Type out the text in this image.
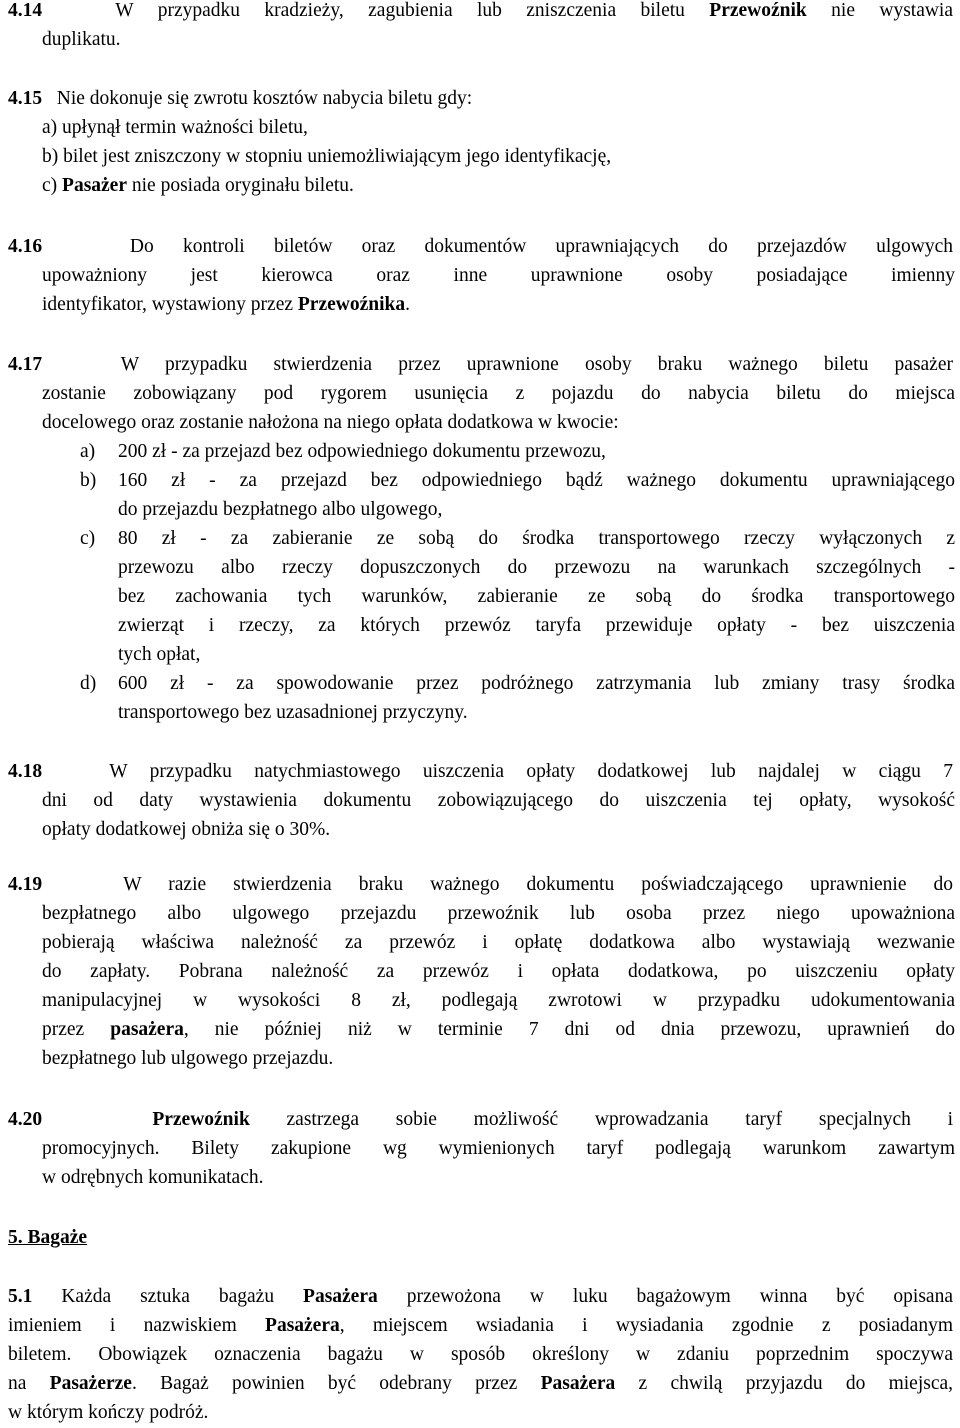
4.14	W przypadku kradzieży, zagubienia lub zniszczenia biletu Przewoźnik nie wystawia

duplikatu.

4.15 Nie dokonuje się zwrotu kosztów nabycia biletu gdy:

a) upłynął termin ważności biletu,

b) bilet jest zniszczony w stopniu uniemożliwiającym jego identyfikację,

c) Pasażer nie posiada oryginału biletu.

4.16	Do kontroli biletów oraz dokumentów uprawniających do przejazdów ulgowych

upoważniony jest kierowca oraz inne uprawnione osoby posiadające imienny

identyfikator, wystawiony przez Przewoźnika.

4.17	W przypadku stwierdzenia przez uprawnione osoby braku ważnego biletu pasażer

zostanie zobowiązany pod rygorem usunięcia z pojazdu do nabycia biletu do miejsca

docelowego oraz zostanie nałożona na niego opłata dodatkowa w kwocie:

a) 200 zł - za przejazd bez odpowiedniego dokumentu przewozu,

b) 160 zł - za przejazd bez odpowiedniego bądź ważnego dokumentu uprawniającego

do przejazdu bezpłatnego albo ulgowego,

c) 80 zł - za zabieranie ze sobą do środka transportowego rzeczy wyłączonych z

przewozu albo rzeczy dopuszczonych do przewozu na warunkach szczególnych -

bez zachowania tych warunków, zabieranie ze sobą do środka transportowego

zwierząt i rzeczy, za których przewóz taryfa przewiduje opłaty - bez uiszczenia

tych opłat,

d) 600 zł - za spowodowanie przez podróżnego zatrzymania lub zmiany trasy środka

transportowego bez uzasadnionej przyczyny.

4.18	W przypadku natychmiastowego uiszczenia opłaty dodatkowej lub najdalej w ciągu 7

dni od daty wystawienia dokumentu zobowiązującego do uiszczenia tej opłaty, wysokość

opłaty dodatkowej obniża się o 30%.

4.19	W razie stwierdzenia braku ważnego dokumentu poświadczającego uprawnienie do

bezpłatnego albo ulgowego przejazdu przewoźnik lub osoba przez niego upoważniona

pobierają właściwa należność za przewóz i opłatę dodatkowa albo wystawiają wezwanie

do zapłaty. Pobrana należność za przewóz i opłata dodatkowa, po uiszczeniu opłaty

manipulacyjnej w wysokości 8 zł, podlegają zwrotowi w przypadku udokumentowania

przez pasażera, nie później niż w terminie 7 dni od dnia przewozu, uprawnień do

bezpłatnego lub ulgowego przejazdu.

4.20	Przewoźnik zastrzega sobie możliwość wprowadzania taryf specjalnych i

promocyjnych. Bilety zakupione wg wymienionych taryf podlegają warunkom zawartym

w odrębnych komunikatach.

5. Bagaże

5.1 Każda sztuka bagażu Pasażera przewożona w luku bagażowym winna być opisana

imieniem i nazwiskiem Pasażera, miejscem wsiadania i wysiadania zgodnie z posiadanym

biletem. Obowiązek oznaczenia bagażu w sposób określony w zdaniu poprzednim spoczywa

na Pasażerze. Bagaż powinien być odebrany przez Pasażera z chwilą przyjazdu do miejsca,

w którym kończy podróż.
